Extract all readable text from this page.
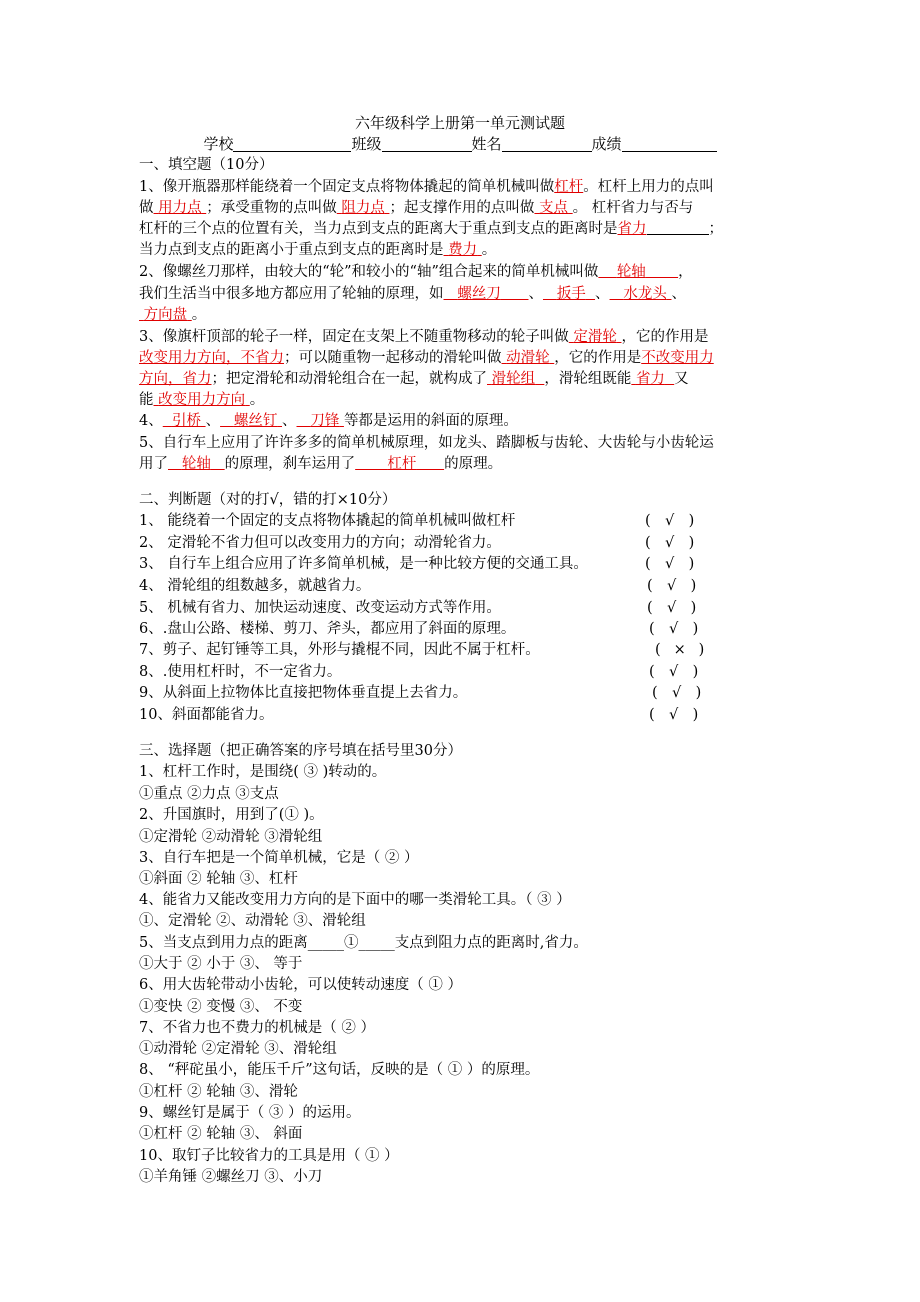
六年级科学上册第一单元测试题
学校	班级	姓名	成绩
一、填空题（10分）
1、像开瓶器那样能绕着一个固定支点将物体撬起的简单机械叫做杠杆。杠杆上用力的点叫
做 用力点 ；承受重物的点叫做 阻力点 ；起支撑作用的点叫做 支点 。 杠杆省力与否与
杠杆的三个点的位置有关，当力点到支点的距离大于重点到支点的距离时是省力	；
当力点到支点的距离小于重点到支点的距离时是 费力 。
2、像螺丝刀那样，由较大的“轮”和较小的“轴”组合起来的简单机械叫做 轮轴 ，
我们生活当中很多地方都应用了轮轴的原理，如 螺丝刀 、 扳手 、 水龙头 、
方向盘 。
3、像旗杆顶部的轮子一样，固定在支架上不随重物移动的轮子叫做 定滑轮 ，它的作用是
改变用力方向，不省力；可以随重物一起移动的滑轮叫做 动滑轮 ，它的作用是不改变用力
方向，省力；把定滑轮和动滑轮组合在一起，就构成了 滑轮组 ，滑轮组既能 省力 又
能 改变用力方向 。
4、 引桥 、 螺丝钉 、 刀锋 等都是运用的斜面的原理。
5、自行车上应用了许许多多的简单机械原理，如龙头、踏脚板与齿轮、大齿轮与小齿轮运
用了 轮轴 的原理，刹车运用了 杠杆 的原理。
二、判断题（对的打√，错的打×10分）
1、 能绕着一个固定的支点将物体撬起的简单机械叫做杠杆	( √ )
2、 定滑轮不省力但可以改变用力的方向；动滑轮省力。	( √ )
3、 自行车上组合应用了许多简单机械，是一种比较方便的交通工具。	( √ )
4、 滑轮组的组数越多，就越省力。	( √ )
5、 机械有省力、加快运动速度、改变运动方式等作用。	( √ )
6、.盘山公路、楼梯、剪刀、斧头，都应用了斜面的原理。	( √ )
7、剪子、起钉锤等工具，外形与撬棍不同，因此不属于杠杆。	( × )
8、.使用杠杆时，不一定省力。	( √ )
9、从斜面上拉物体比直接把物体垂直提上去省力。	( √ )
10、斜面都能省力。	( √ )
三、选择题（把正确答案的序号填在括号里30分）
1、杠杆工作时，是围绕( ③ )转动的。
①重点 ②力点 ③支点
2、升国旗时，用到了(① )。
①定滑轮 ②动滑轮 ③滑轮组
3、自行车把是一个简单机械，它是（ ② ）
①斜面 ② 轮轴 ③、杠杆
4、能省力又能改变用力方向的是下面中的哪一类滑轮工具。（ ③ ）
①、定滑轮 ②、动滑轮 ③、滑轮组
5、当支点到用力点的距离_____①_____支点到阻力点的距离时,省力。
①大于 ② 小于 ③、 等于
6、用大齿轮带动小齿轮，可以使转动速度（ ① ）
①变快 ② 变慢 ③、 不变
7、不省力也不费力的机械是（ ② ）
①动滑轮 ②定滑轮 ③、滑轮组
8、 “秤砣虽小，能压千斤”这句话，反映的是（ ① ）的原理。
①杠杆 ② 轮轴 ③、滑轮
9、螺丝钉是属于（ ③ ）的运用。
①杠杆 ② 轮轴 ③、 斜面
10、取钉子比较省力的工具是用（ ① ）
①羊角锤 ②螺丝刀 ③、小刀
